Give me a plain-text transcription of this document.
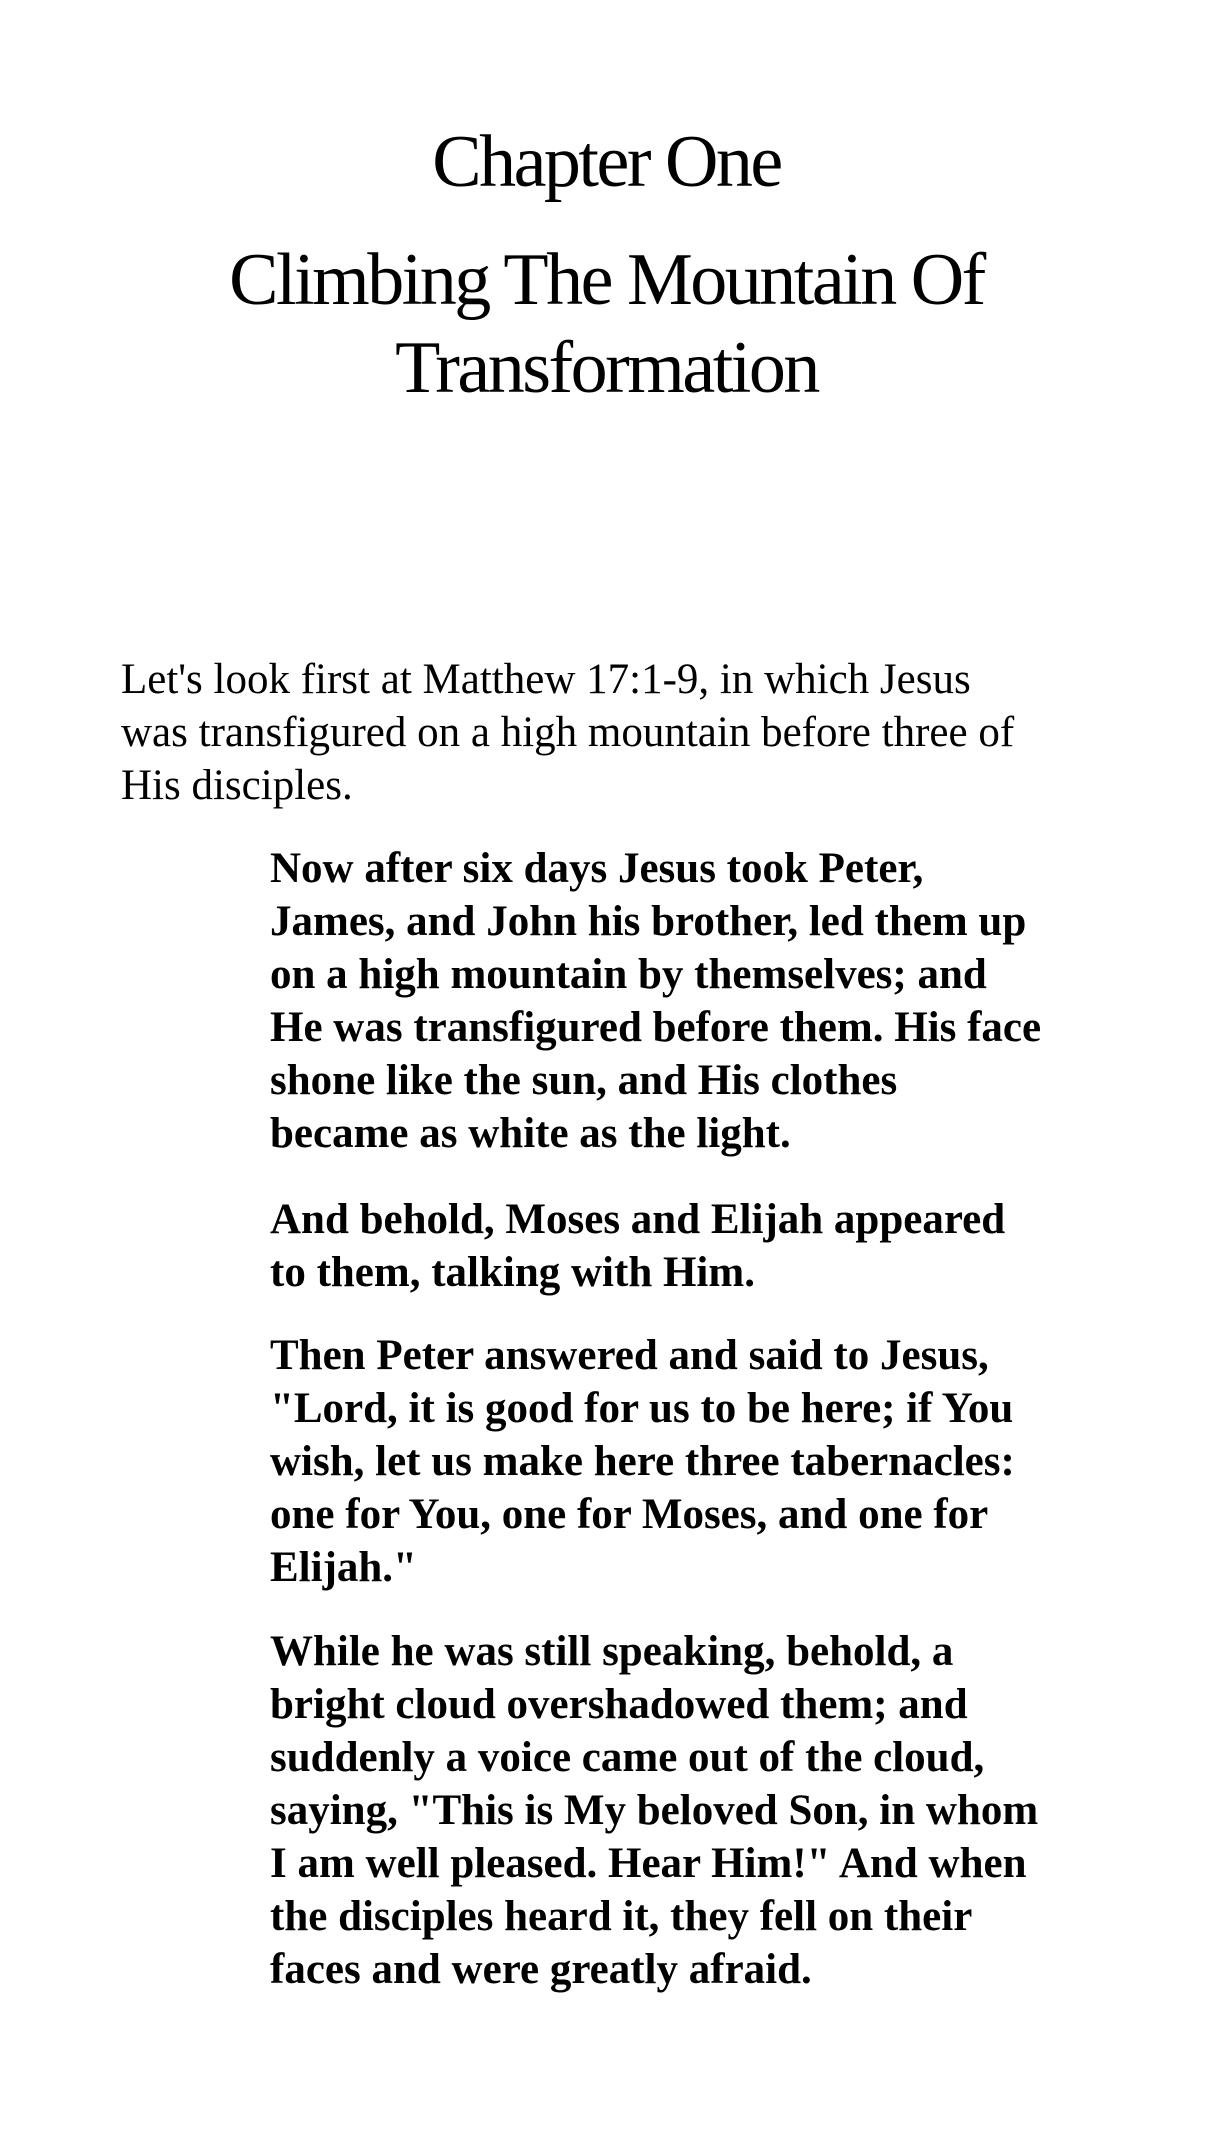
Chapter One
Climbing The Mountain Of
Transformation

Let's look first at Matthew 17:1-9, in which Jesus
was transfigured on a high mountain before three of
His disciples.

Now after six days Jesus took Peter,
James, and John his brother, led them up
on a high mountain by themselves; and
He was transfigured before them. His face
shone like the sun, and His clothes
became as white as the light.

And behold, Moses and Elijah appeared
to them, talking with Him.

Then Peter answered and said to Jesus,
"Lord, it is good for us to be here; if You
wish, let us make here three tabernacles:
one for You, one for Moses, and one for
Elijah."

While he was still speaking, behold, a
bright cloud overshadowed them; and
suddenly a voice came out of the cloud,
saying, "This is My beloved Son, in whom
I am well pleased. Hear Him!" And when
the disciples heard it, they fell on their
faces and were greatly afraid.
